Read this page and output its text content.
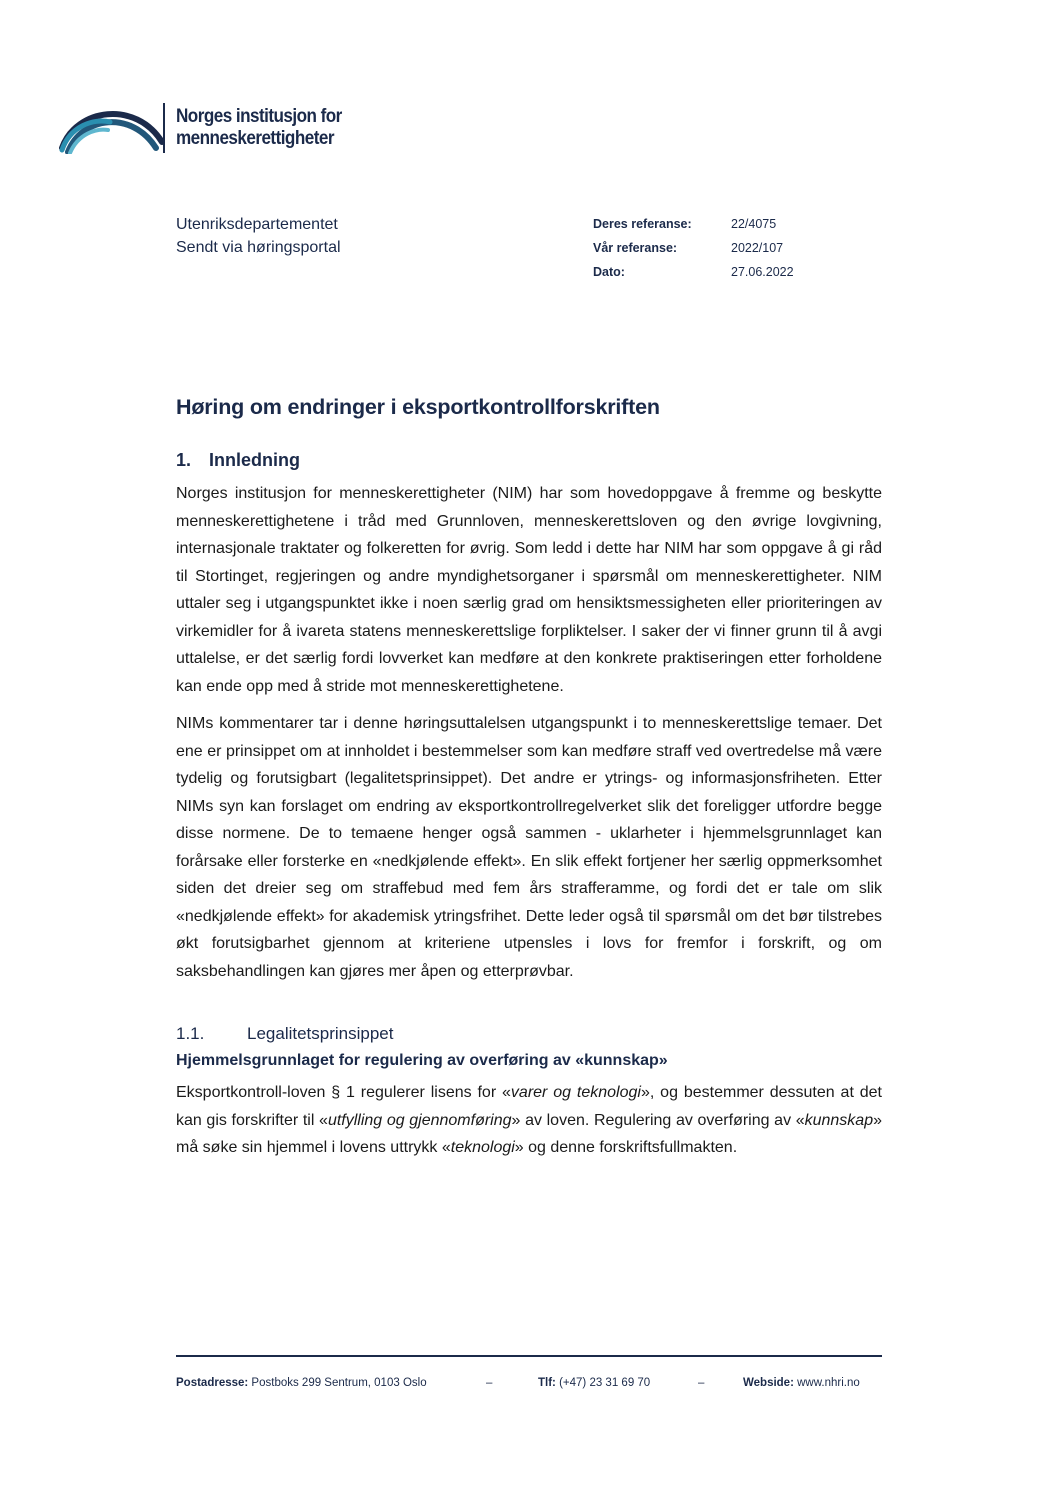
Norges institusjon for
menneskerettigheter
Utenriksdepartementet
Sendt via høringsportal
Deres referanse:	22/4075
Vår referanse:	2022/107
Dato:	27.06.2022
Høring om endringer i eksportkontrollforskriften
1. Innledning

Norges institusjon for menneskerettigheter (NIM) har som hovedoppgave å fremme og beskytte menneskerettighetene i tråd med Grunnloven, menneskerettsloven og den øvrige lovgivning, internasjonale traktater og folkeretten for øvrig. Som ledd i dette har NIM har som oppgave å gi råd til Stortinget, regjeringen og andre myndighetsorganer i spørsmål om menneskerettigheter. NIM uttaler seg i utgangspunktet ikke i noen særlig grad om hensiktsmessigheten eller prioriteringen av virkemidler for å ivareta statens menneskerettslige forpliktelser. I saker der vi finner grunn til å avgi uttalelse, er det særlig fordi lovverket kan medføre at den konkrete praktiseringen etter forholdene kan ende opp med å stride mot menneskerettighetene.

NIMs kommentarer tar i denne høringsuttalelsen utgangspunkt i to menneskerettslige temaer. Det ene er prinsippet om at innholdet i bestemmelser som kan medføre straff ved overtredelse må være tydelig og forutsigbart (legalitetsprinsippet). Det andre er ytrings- og informasjonsfriheten. Etter NIMs syn kan forslaget om endring av eksportkontrollregelverket slik det foreligger utfordre begge disse normene. De to temaene henger også sammen - uklarheter i hjemmelsgrunnlaget kan forårsake eller forsterke en «nedkjølende effekt». En slik effekt fortjener her særlig oppmerksomhet siden det dreier seg om straffebud med fem års strafferamme, og fordi det er tale om slik «nedkjølende effekt» for akademisk ytringsfrihet. Dette leder også til spørsmål om det bør tilstrebes økt forutsigbarhet gjennom at kriteriene utpensles i lovs for fremfor i forskrift, og om saksbehandlingen kan gjøres mer åpen og etterprøvbar.

1.1.	Legalitetsprinsippet
Hjemmelsgrunnlaget for regulering av overføring av «kunnskap»

Eksportkontroll-loven § 1 regulerer lisens for «varer og teknologi», og bestemmer dessuten at det kan gis forskrifter til «utfylling og gjennomføring» av loven. Regulering av overføring av «kunnskap» må søke sin hjemmel i lovens uttrykk «teknologi» og denne forskriftsfullmakten.

Postadresse: Postboks 299 Sentrum, 0103 Oslo	–	Tlf: (+47) 23 31 69 70	–	Webside: www.nhri.no
